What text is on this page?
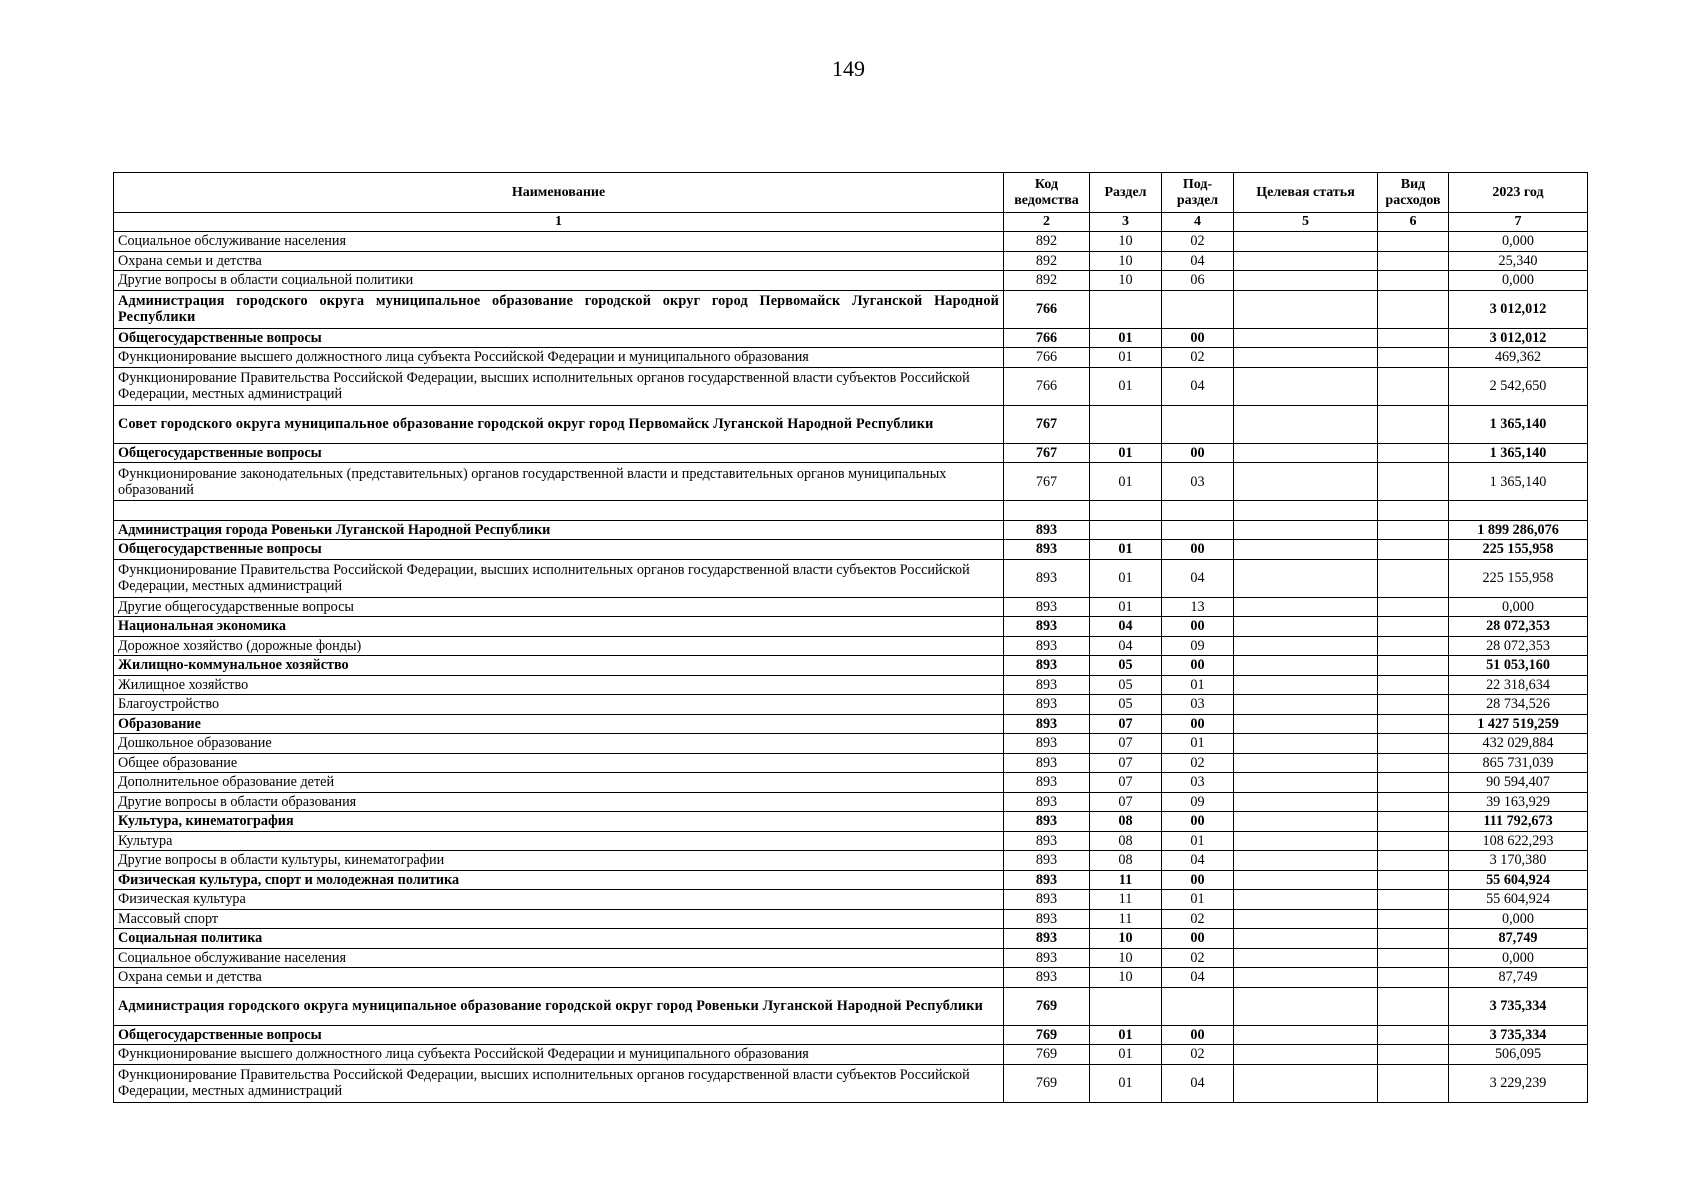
149
Наименование	Код ведомства	Раздел	Под-раздел	Целевая статья	Вид расходов	2023 год
1	2	3	4	5	6	7
Социальное обслуживание населения	892	10	02			0,000
Охрана семьи и детства	892	10	04			25,340
Другие вопросы в области социальной политики	892	10	06			0,000
Администрация городского округа муниципальное образование городской округ город Первомайск Луганской Народной Республики	766					3 012,012
Общегосударственные вопросы	766	01	00			3 012,012
Функционирование высшего должностного лица субъекта Российской Федерации и муниципального образования	766	01	02			469,362
Функционирование Правительства Российской Федерации, высших исполнительных органов государственной власти субъектов Российской Федерации, местных администраций	766	01	04			2 542,650
Совет городского округа муниципальное образование городской округ город Первомайск Луганской Народной Республики	767					1 365,140
Общегосударственные вопросы	767	01	00			1 365,140
Функционирование законодательных (представительных) органов государственной власти и представительных органов муниципальных образований	767	01	03			1 365,140

Администрация города Ровеньки Луганской Народной Республики	893					1 899 286,076
Общегосударственные вопросы	893	01	00			225 155,958
Функционирование Правительства Российской Федерации, высших исполнительных органов государственной власти субъектов Российской Федерации, местных администраций	893	01	04			225 155,958
Другие общегосударственные вопросы	893	01	13			0,000
Национальная экономика	893	04	00			28 072,353
Дорожное хозяйство (дорожные фонды)	893	04	09			28 072,353
Жилищно-коммунальное хозяйство	893	05	00			51 053,160
Жилищное хозяйство	893	05	01			22 318,634
Благоустройство	893	05	03			28 734,526
Образование	893	07	00			1 427 519,259
Дошкольное образование	893	07	01			432 029,884
Общее образование	893	07	02			865 731,039
Дополнительное образование детей	893	07	03			90 594,407
Другие вопросы в области образования	893	07	09			39 163,929
Культура, кинематография	893	08	00			111 792,673
Культура	893	08	01			108 622,293
Другие вопросы в области культуры, кинематографии	893	08	04			3 170,380
Физическая культура, спорт и молодежная политика	893	11	00			55 604,924
Физическая культура	893	11	01			55 604,924
Массовый спорт	893	11	02			0,000
Социальная политика	893	10	00			87,749
Социальное обслуживание населения	893	10	02			0,000
Охрана семьи и детства	893	10	04			87,749
Администрация городского округа муниципальное образование городской округ город Ровеньки Луганской Народной Республики	769					3 735,334
Общегосударственные вопросы	769	01	00			3 735,334
Функционирование высшего должностного лица субъекта Российской Федерации и муниципального образования	769	01	02			506,095
Функционирование Правительства Российской Федерации, высших исполнительных органов государственной власти субъектов Российской Федерации, местных администраций	769	01	04			3 229,239
